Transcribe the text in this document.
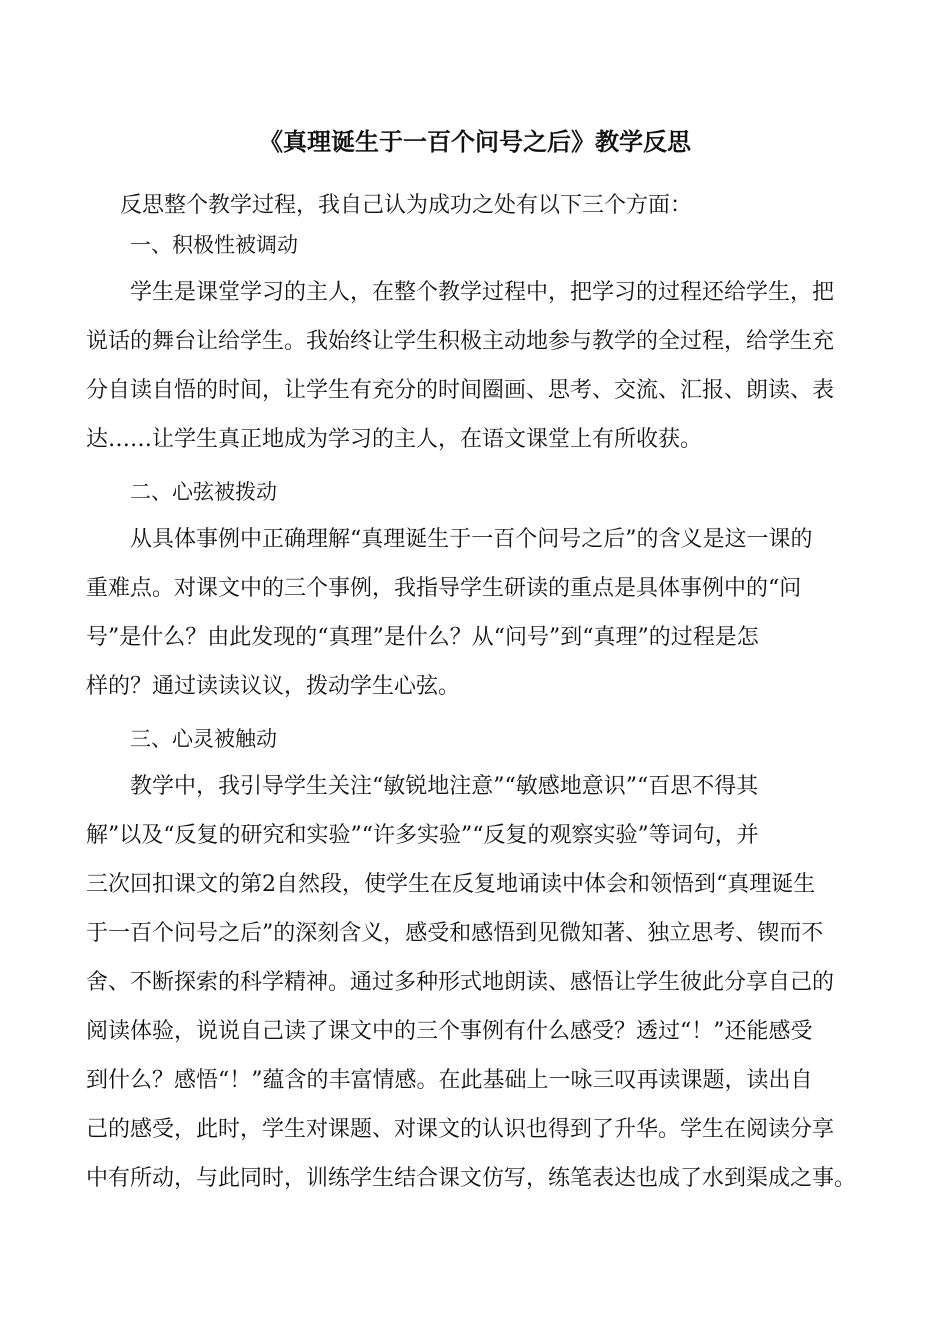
《真理诞生于一百个问号之后》教学反思
反思整个教学过程，我自己认为成功之处有以下三个方面：
一、积极性被调动
学生是课堂学习的主人，在整个教学过程中，把学习的过程还给学生，把
说话的舞台让给学生。我始终让学生积极主动地参与教学的全过程，给学生充
分自读自悟的时间，让学生有充分的时间圈画、思考、交流、汇报、朗读、表
达……让学生真正地成为学习的主人，在语文课堂上有所收获。
二、心弦被拨动
从具体事例中正确理解“真理诞生于一百个问号之后”的含义是这一课的
重难点。对课文中的三个事例，我指导学生研读的重点是具体事例中的“问
号”是什么？由此发现的“真理”是什么？从“问号”到“真理”的过程是怎
样的？通过读读议议，拨动学生心弦。
三、心灵被触动
教学中，我引导学生关注“敏锐地注意”“敏感地意识”“百思不得其
解”以及“反复的研究和实验”“许多实验”“反复的观察实验”等词句，并
三次回扣课文的第2自然段，使学生在反复地诵读中体会和领悟到“真理诞生
于一百个问号之后”的深刻含义，感受和感悟到见微知著、独立思考、锲而不
舍、不断探索的科学精神。通过多种形式地朗读、感悟让学生彼此分享自己的
阅读体验，说说自己读了课文中的三个事例有什么感受？透过“！”还能感受
到什么？感悟“！”蕴含的丰富情感。在此基础上一咏三叹再读课题，读出自
己的感受，此时，学生对课题、对课文的认识也得到了升华。学生在阅读分享
中有所动，与此同时，训练学生结合课文仿写，练笔表达也成了水到渠成之事。
